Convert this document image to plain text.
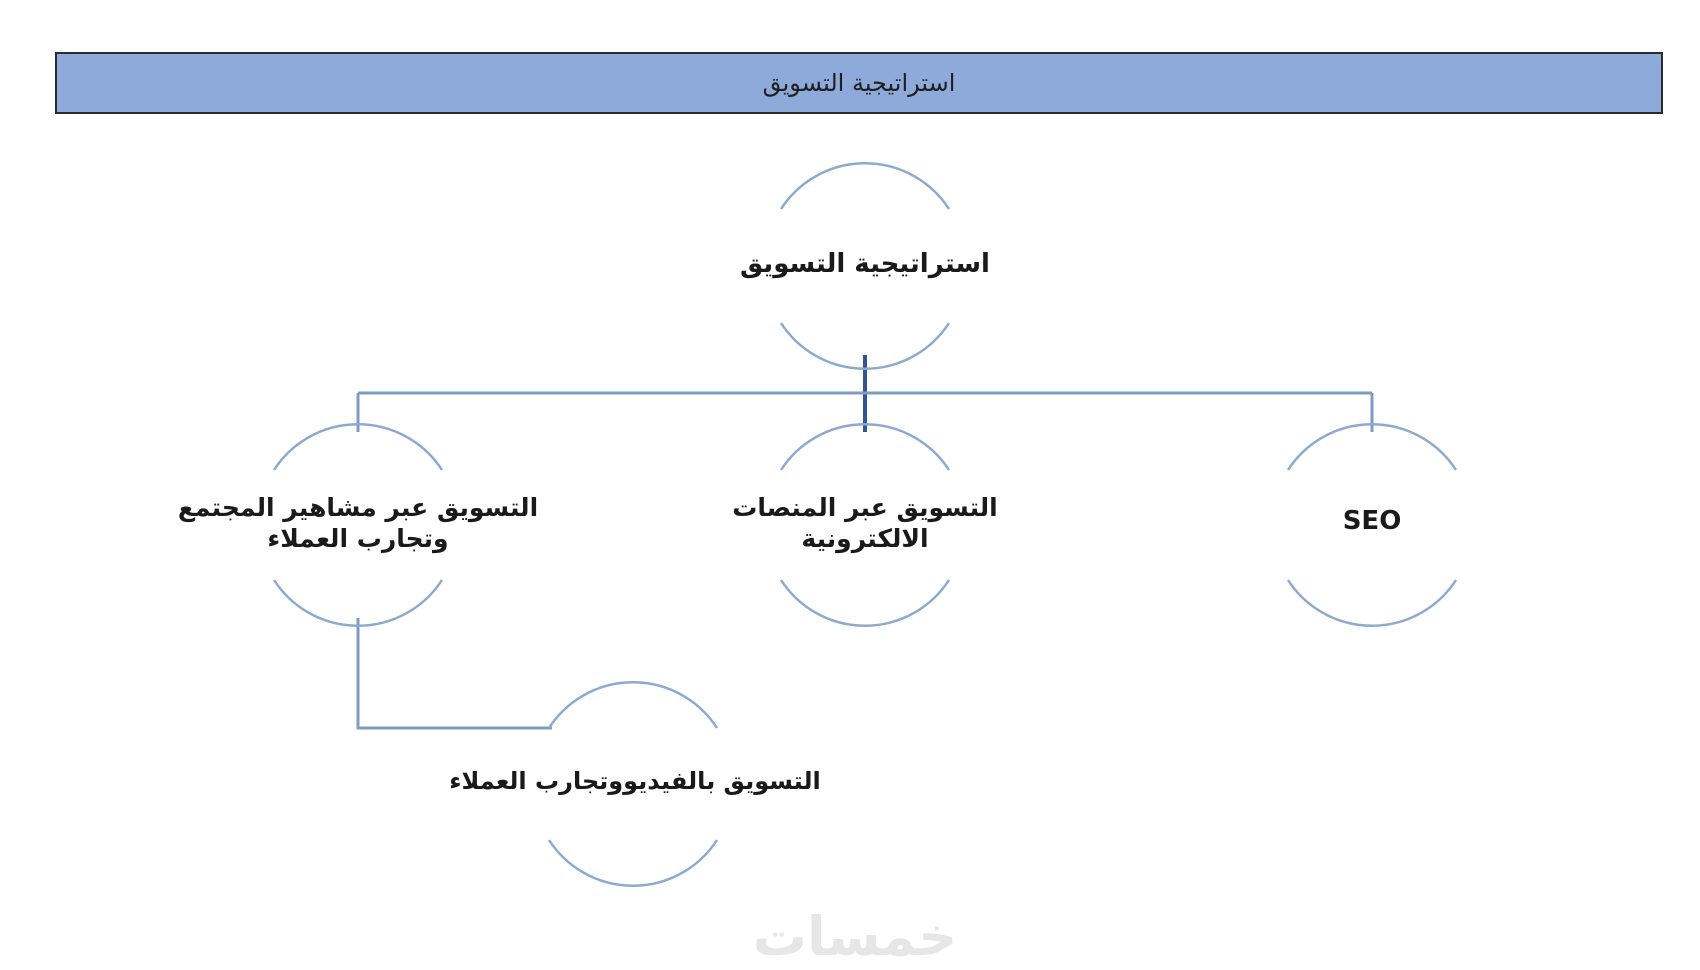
استراتيجية التسويق
استراتيجية التسويق
التسويق عبر مشاهير المجتمع
وتجارب العملاء
التسويق عبر المنصات
الالكترونية
SEO
التسويق بالفيديووتجارب العملاء
خمسات
